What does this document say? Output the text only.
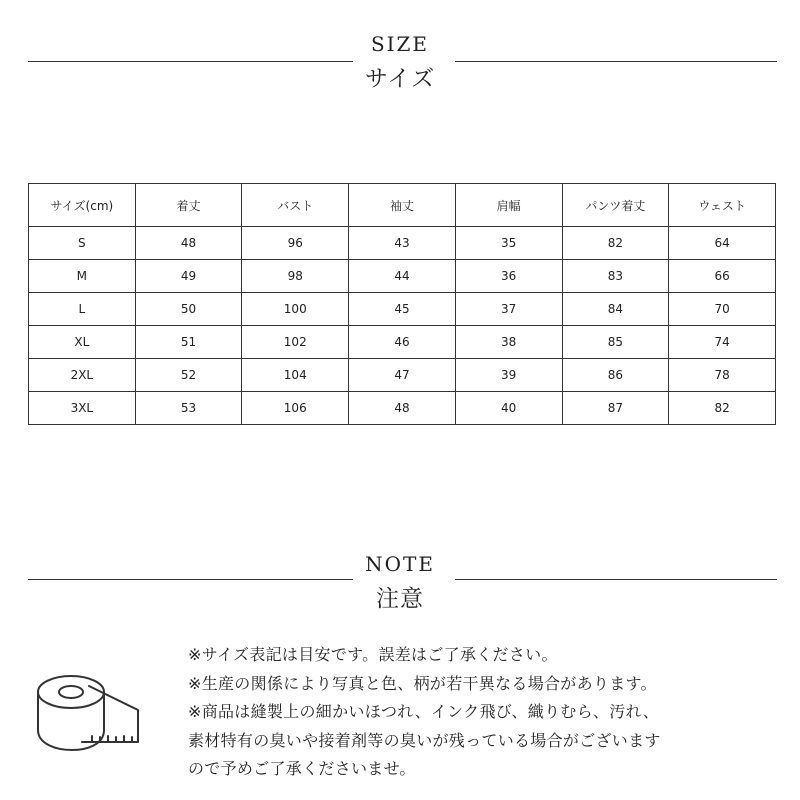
SIZE
サイズ
サイズ(cm)	着丈	バスト	袖丈	肩幅	パンツ着丈	ウェスト
S	48	96	43	35	82	64
M	49	98	44	36	83	66
L	50	100	45	37	84	70
XL	51	102	46	38	85	74
2XL	52	104	47	39	86	78
3XL	53	106	48	40	87	82
NOTE
注意

※サイズ表記は目安です。誤差はご了承ください。

※生産の関係により写真と色、柄が若干異なる場合があります。

※商品は縫製上の細かいほつれ、インク飛び、織りむら、汚れ、

素材特有の臭いや接着剤等の臭いが残っている場合がございます

ので予めご了承くださいませ。
